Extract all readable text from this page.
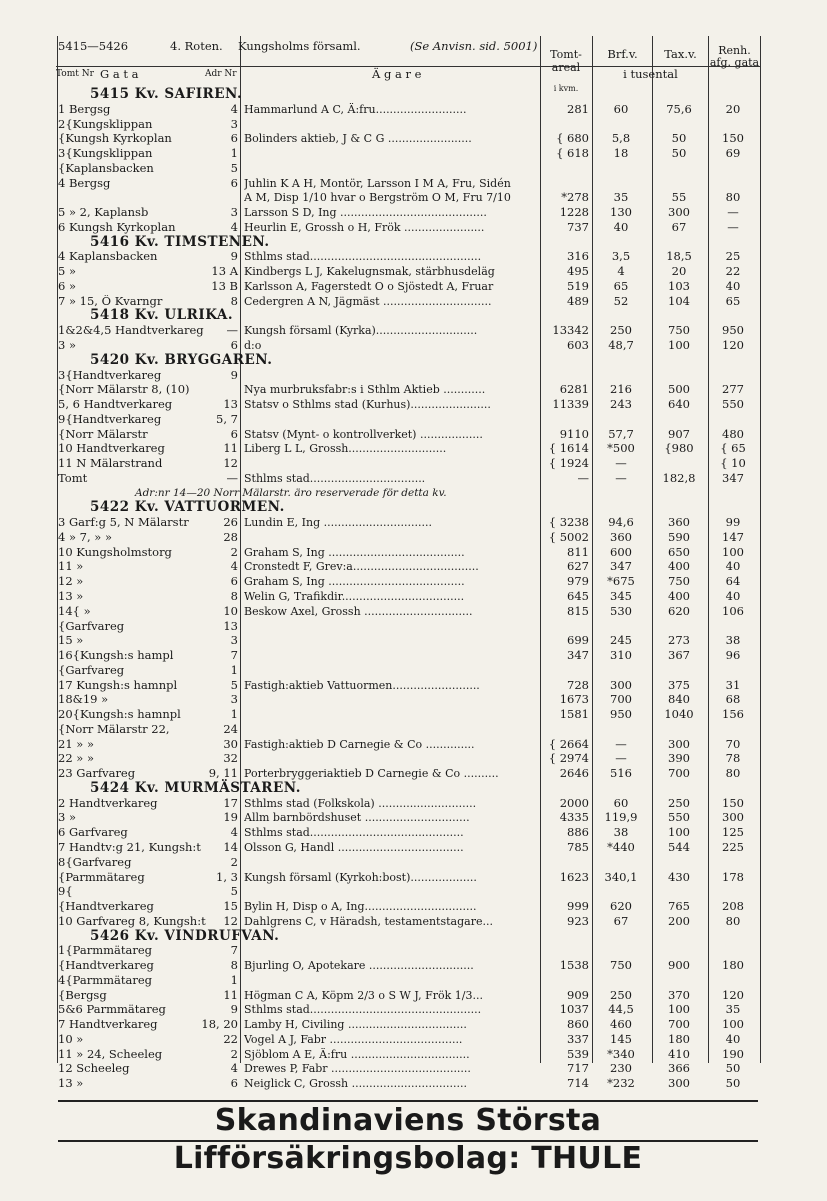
5415—5426	4. Roten. Kungsholms församl.	(Se Anvisn. sid. 5001)
Tomt Nr G a t a	Adr Nr	Ä g a r e
Tomt- areal
i kvm.
Brf.v.	Tax.v.
i tusental
Renh. afg. gata
5415 Kv. SAFIREN.
1 Bergsg	4 Hammarlund A C, Ä:fru..........................	281	60	75,6	20
2{Kungsklippan	3
{Kungsh Kyrkoplan	6 Bolinders aktieb, J & C G ........................	{ 680	5,8	50	150
3{Kungsklippan	1	{ 618	18	50	69
{Kaplansbacken	5
4 Bergsg	6 Juhlin K A H, Montör, Larsson I M A, Fru, Sidén
A M, Disp 1/10 hvar o Bergström O M, Fru 7/10	*278	35	55	80
5 » 2, Kaplansb	3 Larsson S D, Ing ..........................................	1228	130	300	—
6 Kungsh Kyrkoplan	4 Heurlin E, Grossh o H, Frök .......................	737	40	67	—
5416 Kv. TIMSTENEN.
4 Kaplansbacken	9 Sthlms stad.................................................	316	3,5	18,5	25
5 »	13 A Kindbergs L J, Kakelugnsmak, stärbhusdeläg	495	4	20	22
6 »	13 B Karlsson A, Fagerstedt O o Sjöstedt A, Fruar	519	65	103	40
7 » 15, Ö Kvarngr	8 Cedergren A N, Jägmäst ...............................	489	52	104	65
5418 Kv. ULRIKA.
1&2&4,5 Handtverkareg	— Kungsh församl (Kyrka).............................	13342	250	750	950
3 »	6 d:o	603	48,7	100	120
5420 Kv. BRYGGAREN.
3{Handtverkareg	9
{Norr Mälarstr 8, (10)	Nya murbruksfabr:s i Sthlm Aktieb ............	6281	216	500	277
5, 6 Handtverkareg	13 Statsv o Sthlms stad (Kurhus).......................	11339	243	640	550
9{Handtverkareg	5, 7
{Norr Mälarstr	6 Statsv (Mynt- o kontrollverket) ..................	9110	57,7	907	480
10 Handtverkareg	11 Liberg L L, Grossh............................	{ 1614	*500	{980	{ 65
11 N Mälarstrand	12	{ 1924	—	{ 10
Tomt	— Sthlms stad.................................	—	—	182,8	347
Adr:nr 14—20 Norr Mälarstr. äro reserverade för detta kv.
5422 Kv. VATTUORMEN.
3 Garf:g 5, N Mälarstr	26 Lundin E, Ing ...............................	{ 3238	94,6	360	99
4 » 7, » »	28	{ 5002	360	590	147
10 Kungsholmstorg	2 Graham S, Ing .......................................	811	600	650	100
11 »	4 Cronstedt F, Grev:a....................................	627	347	400	40
12 »	6 Graham S, Ing .......................................	979	*675	750	64
13 »	8 Welin G, Trafikdir...................................	645	345	400	40
14{ »	10 Beskow Axel, Grossh ...............................	815	530	620	106
{Garfvareg	13
15 »	3	699	245	273	38
16{Kungsh:s hampl	7	347	310	367	96
{Garfvareg	1
17 Kungsh:s hamnpl	5 Fastigh:aktieb Vattuormen.........................	728	300	375	31
18&19 »	3	1673	700	840	68
20{Kungsh:s hamnpl	1	1581	950	1040	156
{Norr Mälarstr 22,	24
21 » »	30 Fastigh:aktieb D Carnegie & Co ..............	{ 2664	—	300	70
22 » »	32	{ 2974	—	390	78
23 Garfvareg	9, 11 Porterbryggeriaktieb D Carnegie & Co ..........	2646	516	700	80
5424 Kv. MURMÄSTAREN.
2 Handtverkareg	17 Sthlms stad (Folkskola) ............................	2000	60	250	150
3 »	19 Allm barnbördshuset ..............................	4335	119,9	550	300
6 Garfvareg	4 Sthlms stad............................................	886	38	100	125
7 Handtv:g 21, Kungsh:t	14 Olsson G, Handl ....................................	785	*440	544	225
8{Garfvareg	2
{Parmmätareg	1, 3 Kungsh församl (Kyrkoh:bost)...................	1623	340,1	430	178
9{	5
{Handtverkareg	15 Bylin H, Disp o A, Ing................................	999	620	765	208
10 Garfvareg 8, Kungsh:t	12 Dahlgrens C, v Häradsh, testamentstagare...	923	67	200	80
5426 Kv. VINDRUFVAN.
1{Parmmätareg	7
{Handtverkareg	8 Bjurling O, Apotekare ..............................	1538	750	900	180
4{Parmmätareg	1
{Bergsg	11 Högman C A, Köpm 2/3 o S W J, Frök 1/3...	909	250	370	120
5&6 Parmmätareg	9 Sthlms stad.................................................	1037	44,5	100	35
7 Handtverkareg	18, 20 Lamby H, Civiling ..................................	860	460	700	100
10 »	22 Vogel A J, Fabr ......................................	337	145	180	40
11 » 24, Scheeleg	2 Sjöblom A E, Ä:fru ..................................	539	*340	410	190
12 Scheeleg	4 Drewes P, Fabr ........................................	717	230	366	50
13 »	6 Neiglick C, Grossh .................................	714	*232	300	50
Skandinaviens Största Lifförsäkringsbolag: THULE
